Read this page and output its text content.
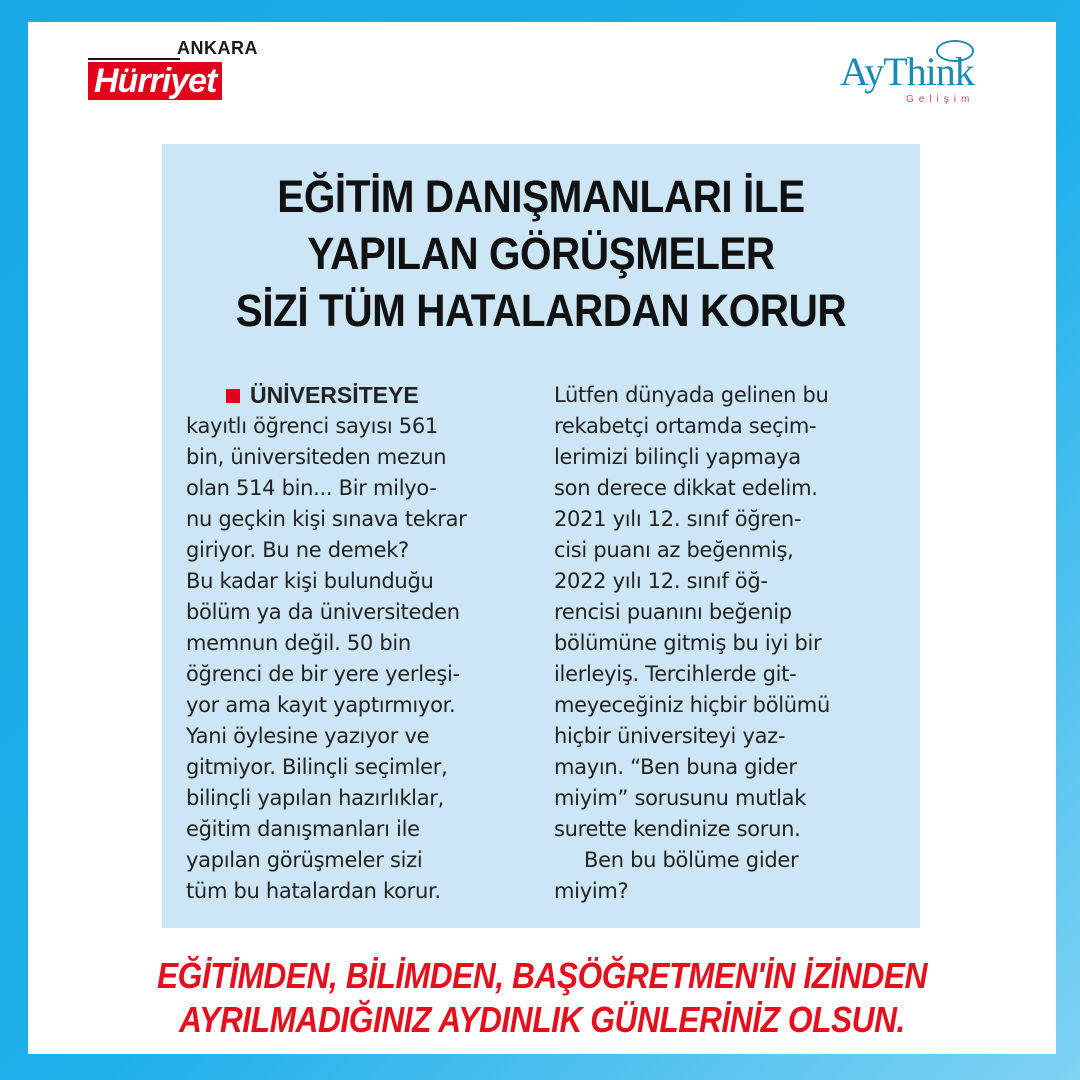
ANKARA
Hürriyet	AyThink
Gelişim
EĞİTİM DANIŞMANLARI İLE
YAPILAN GÖRÜŞMELER
SİZİ TÜM HATALARDAN KORUR

ÜNİVERSİTEYE

kayıtlı öğrenci sayısı 561

bin, üniversiteden mezun

olan 514 bin... Bir milyo-

nu geçkin kişi sınava tekrar

giriyor. Bu ne demek?

Bu kadar kişi bulunduğu

bölüm ya da üniversiteden

memnun değil. 50 bin

öğrenci de bir yere yerleşi-

yor ama kayıt yaptırmıyor.

Yani öylesine yazıyor ve

gitmiyor. Bilinçli seçimler,

bilinçli yapılan hazırlıklar,

eğitim danışmanları ile

yapılan görüşmeler sizi

tüm bu hatalardan korur.

Lütfen dünyada gelinen bu

rekabetçi ortamda seçim-

lerimizi bilinçli yapmaya

son derece dikkat edelim.

2021 yılı 12. sınıf öğren-

cisi puanı az beğenmiş,

2022 yılı 12. sınıf öğ-

rencisi puanını beğenip

bölümüne gitmiş bu iyi bir

ilerleyiş. Tercihlerde git-

meyeceğiniz hiçbir bölümü

hiçbir üniversiteyi yaz-

mayın. “Ben buna gider

miyim” sorusunu mutlak

surette kendinize sorun.

Ben bu bölüme gider

miyim?

EĞİTİMDEN, BİLİMDEN, BAŞÖĞRETMEN'İN İZİNDEN
AYRILMADIĞINIZ AYDINLIK GÜNLERİNİZ OLSUN.
